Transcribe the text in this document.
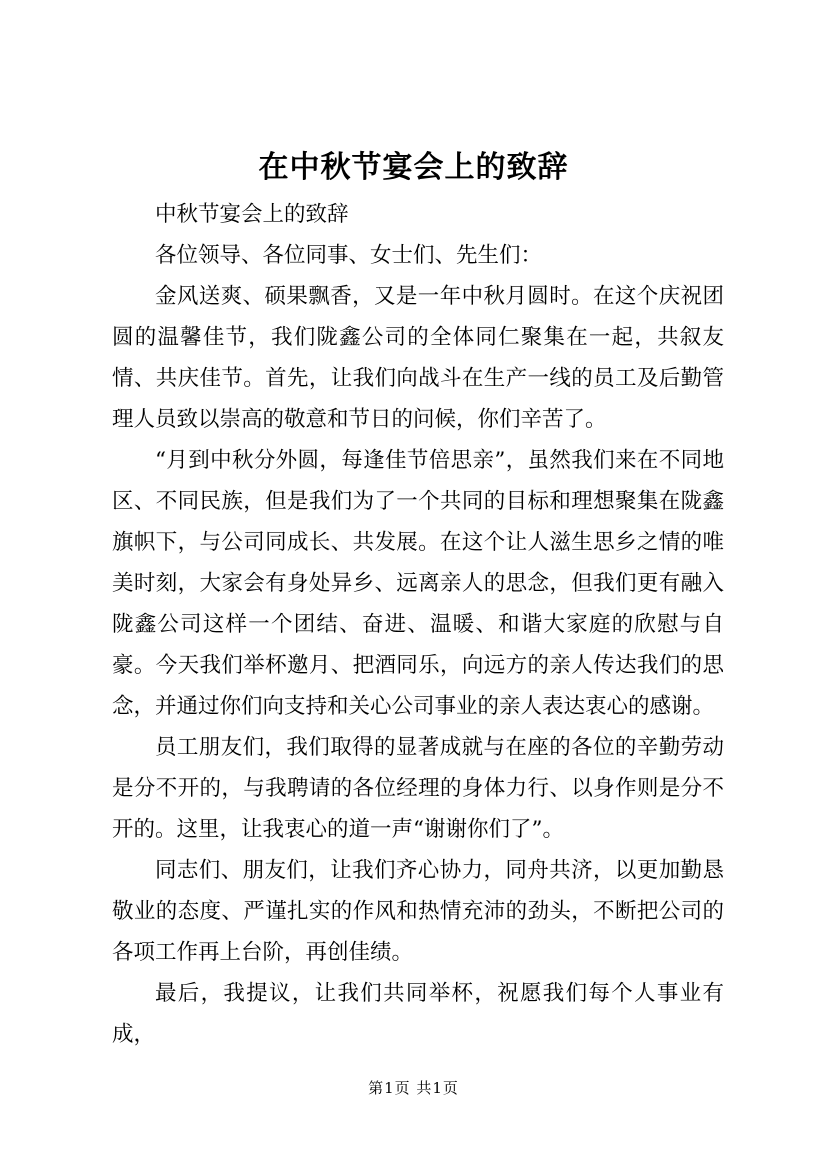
在中秋节宴会上的致辞

中秋节宴会上的致辞

各位领导、各位同事、女士们、先生们：

金风送爽、硕果飘香，又是一年中秋月圆时。在这个庆祝团圆的温馨佳节，我们陇鑫公司的全体同仁聚集在一起，共叙友情、共庆佳节。首先，让我们向战斗在生产一线的员工及后勤管理人员致以崇高的敬意和节日的问候，你们辛苦了。

“月到中秋分外圆，每逢佳节倍思亲”，虽然我们来在不同地区、不同民族，但是我们为了一个共同的目标和理想聚集在陇鑫旗帜下，与公司同成长、共发展。在这个让人滋生思乡之情的唯美时刻，大家会有身处异乡、远离亲人的思念，但我们更有融入陇鑫公司这样一个团结、奋进、温暖、和谐大家庭的欣慰与自豪。今天我们举杯邀月、把酒同乐，向远方的亲人传达我们的思念，并通过你们向支持和关心公司事业的亲人表达衷心的感谢。

员工朋友们，我们取得的显著成就与在座的各位的辛勤劳动是分不开的，与我聘请的各位经理的身体力行、以身作则是分不开的。这里，让我衷心的道一声“谢谢你们了”。

同志们、朋友们，让我们齐心协力，同舟共济，以更加勤恳敬业的态度、严谨扎实的作风和热情充沛的劲头，不断把公司的各项工作再上台阶，再创佳绩。

最后，我提议，让我们共同举杯，祝愿我们每个人事业有成，

第1页 共1页
